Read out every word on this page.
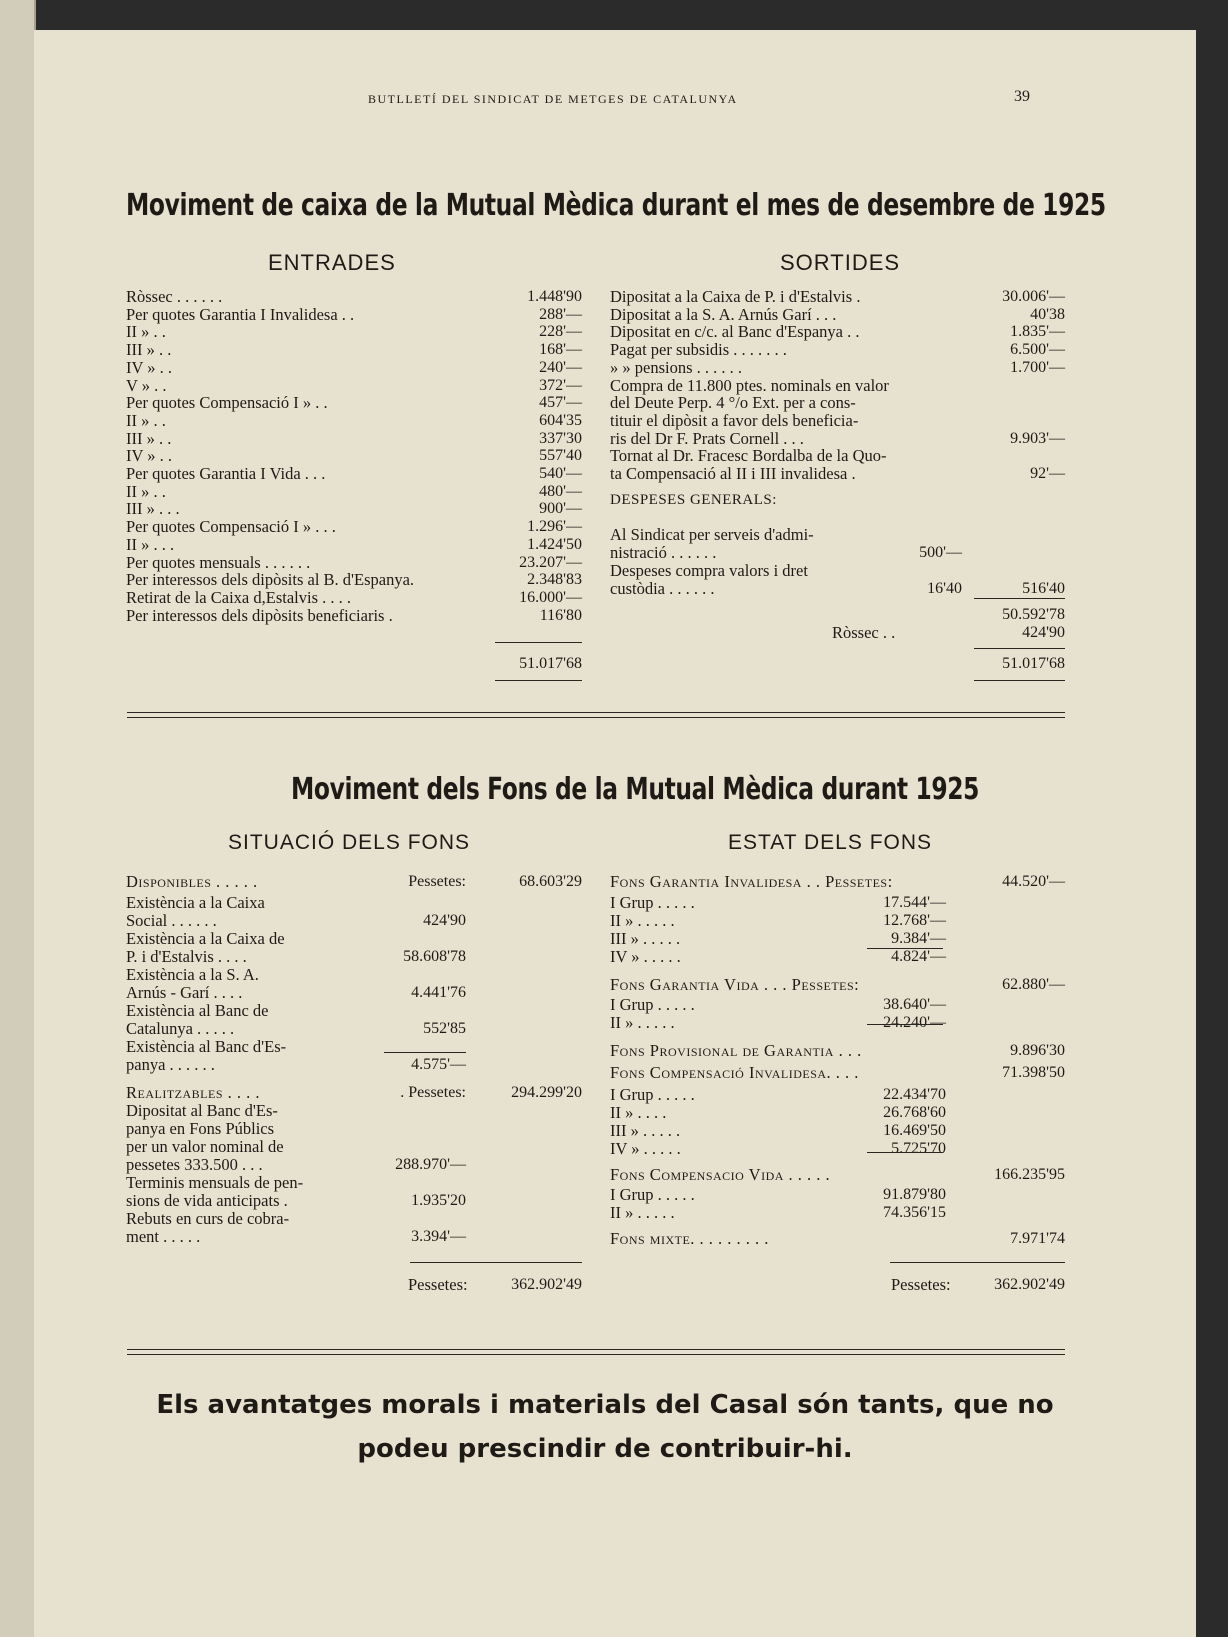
BUTLLETÍ DEL SINDICAT DE METGES DE CATALUNYA	39
Moviment de caixa de la Mutual Mèdica durant el mes de desembre de 1925
ENTRADES	SORTIDES
Ròssec . . . . . .	1.448'90
Per quotes Garantia I Invalidesa . .	288'—
II » . .	228'—
III » . .	168'—
IV » . .	240'—
V » . .	372'—
Per quotes Compensació I » . .	457'—
II » . .	604'35
III » . .	337'30
IV » . .	557'40
Per quotes Garantia I Vida . . .	540'—
II » . .	480'—
III » . . .	900'—
Per quotes Compensació I » . . .	1.296'—
II » . . .	1.424'50
Per quotes mensuals . . . . . .	23.207'—
Per interessos dels dipòsits al B. d'Espanya.	2.348'83
Retirat de la Caixa d,Estalvis . . . .	16.000'—
Per interessos dels dipòsits beneficiaris .	116'80
51.017'68
Dipositat a la Caixa de P. i d'Estalvis .	30.006'—
Dipositat a la S. A. Arnús Garí . . .	40'38
Dipositat en c/c. al Banc d'Espanya . .	1.835'—
Pagat per subsidis . . . . . . .	6.500'—
» » pensions . . . . . .	1.700'—
Compra de 11.800 ptes. nominals en valor
del Deute Perp. 4 °/o Ext. per a cons-
tituir el dipòsit a favor dels beneficia-
ris del Dr F. Prats Cornell . . .	9.903'—
Tornat al Dr. Fracesc Bordalba de la Quo-
ta Compensació al II i III invalidesa .	92'—
DESPESES GENERALS:
Al Sindicat per serveis d'admi-
nistració . . . . . .	500'—
Despeses compra valors i dret
custòdia . . . . . .	16'40	516'40
50.592'78
Ròssec . .	424'90
51.017'68
Moviment dels Fons de la Mutual Mèdica durant 1925
SITUACIÓ DELS FONS	ESTAT DELS FONS
Disponibles . . . . .	Pessetes:	68.603'29
Existència a la Caixa
Social . . . . . .	424'90
Existència a la Caixa de
P. i d'Estalvis . . . .	58.608'78
Existència a la S. A.
Arnús - Garí . . . .	4.441'76
Existència al Banc de
Catalunya . . . . .	552'85
Existència al Banc d'Es-
panya . . . . . .	4.575'—
Realitzables . . . .	. Pessetes:	294.299'20
Dipositat al Banc d'Es-
panya en Fons Públics
per un valor nominal de
pessetes 333.500 . . .	288.970'—
Terminis mensuals de pen-
sions de vida anticipats .	1.935'20
Rebuts en curs de cobra-
ment . . . . .	3.394'—
Fons Garantia Invalidesa . . Pessetes:	44.520'—
I Grup . . . . .	17.544'—
II » . . . . .	12.768'—
III » . . . . .	9.384'—
IV » . . . . .	4.824'—
Fons Garantia Vida . . . Pessetes:	62.880'—
I Grup . . . . .	38.640'—
II » . . . . .	24.240'—
Fons Provisional de Garantia . . .	9.896'30
Fons Compensació Invalidesa. . . .	71.398'50
I Grup . . . . .	22.434'70
II » . . . .	26.768'60
III » . . . . .	16.469'50
IV » . . . . .	5.725'70
Fons Compensacio Vida . . . . .	166.235'95
I Grup . . . . .	91.879'80
II » . . . . .	74.356'15
Fons mixte. . . . . . . . .	7.971'74
Pessetes:	362.902'49	Pessetes:	362.902'49
Els avantatges morals i materials del Casal són tants, que no
podeu prescindir de contribuir-hi.
